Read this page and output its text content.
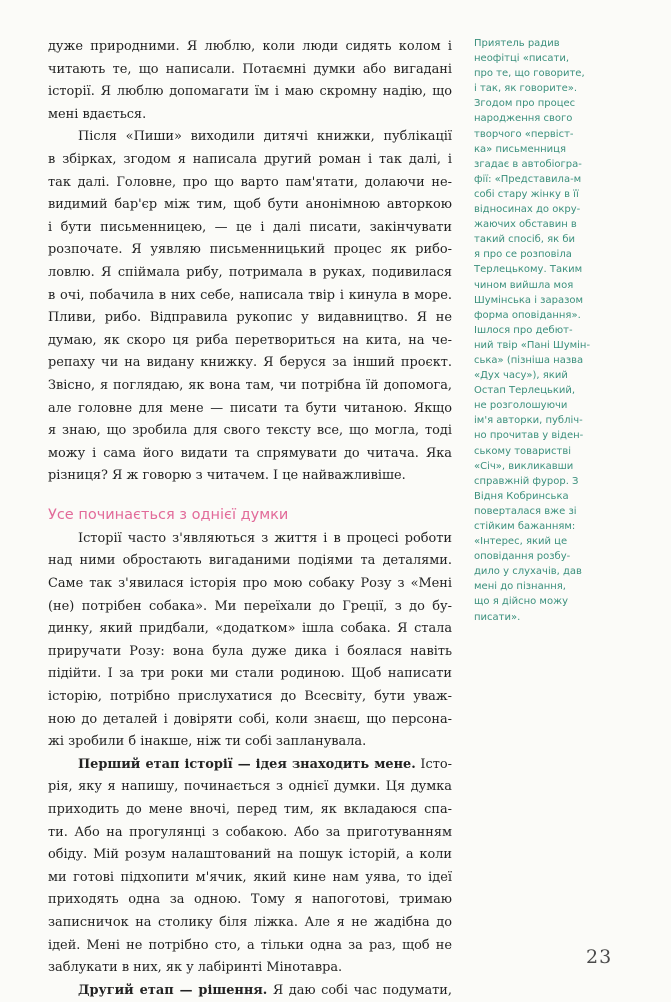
дуже природними. Я люблю, коли люди сидять колом і
читають те, що написали. Потаємні думки або вигадані
історії. Я люблю допомагати їм і маю скромну надію, що
мені вдається.

Після «Пиши» виходили дитячі книжки, публікації
в збірках, згодом я написала другий роман і так далі, і
так далі. Головне, про що варто пам'ятати, долаючи не-
видимий бар'єр між тим, щоб бути анонімною авторкою
і бути письменницею, — це і далі писати, закінчувати
розпочате. Я уявляю письменницький процес як рибо-
ловлю. Я спіймала рибу, потримала в руках, подивилася
в очі, побачила в них себе, написала твір і кинула в море.
Пливи, рибо. Відправила рукопис у видавництво. Я не
думаю, як скоро ця риба перетвориться на кита, на че-
репаху чи на видану книжку. Я беруся за інший проєкт.
Звісно, я поглядаю, як вона там, чи потрібна їй допомога,
але головне для мене — писати та бути читаною. Якщо
я знаю, що зробила для свого тексту все, що могла, тоді
можу і сама його видати та спрямувати до читача. Яка
різниця? Я ж говорю з читачем. І це найважливіше.

Усе починається з однієї думки

Історії часто з'являються з життя і в процесі роботи
над ними обростають вигаданими подіями та деталями.
Саме так з'явилася історія про мою собаку Розу з «Мені
(не) потрібен собака». Ми переїхали до Греції, з до бу-
динку, який придбали, «додатком» ішла собака. Я стала
приручати Розу: вона була дуже дика і боялася навіть
підійти. І за три роки ми стали родиною. Щоб написати
історію, потрібно прислухатися до Всесвіту, бути уваж-
ною до деталей і довіряти собі, коли знаєш, що персона-
жі зробили б інакше, ніж ти собі запланувала.

Перший етап історії — ідея знаходить мене. Істо-
рія, яку я напишу, починається з однієї думки. Ця думка
приходить до мене вночі, перед тим, як вкладаюся спа-
ти. Або на прогулянці з собакою. Або за приготуванням
обіду. Мій розум налаштований на пошук історій, а коли
ми готові підхопити м'ячик, який кине нам уява, то ідеї
приходять одна за одною. Тому я напоготові, тримаю
записничок на столику біля ліжка. Але я не жадібна до
ідей. Мені не потрібно сто, а тільки одна за раз, щоб не
заблукати в них, як у лабіринті Мінотавра.

Другий етап — рішення. Я даю собі час подумати,

Приятель радив
неофітці «писати,
про те, що говорите,
і так, як говорите».
Згодом про процес
народження свого
творчого «первіст-
ка» письменниця
згадає в автобіогра-
фії: «Представила-м
собі стару жінку в її
відносинах до окру-
жаючих обставин в
такий спосіб, як би
я про се розповіла
Терлецькому. Таким
чином вийшла моя
Шумінська і заразом
форма оповідання».
Ішлося про дебют-
ний твір «Пані Шумін-
ська» (пізніша назва
«Дух часу»), який
Остап Терлецький,
не розголошуючи
ім'я авторки, публіч-
но прочитав у віден-
ському товаристві
«Січ», викликавши
справжній фурор. З
Відня Кобринська
поверталася вже зі
стійким бажанням:
«Інтерес, який це
оповідання розбу-
дило у слухачів, дав
мені до пізнання,
що я дійсно можу
писати».
23
